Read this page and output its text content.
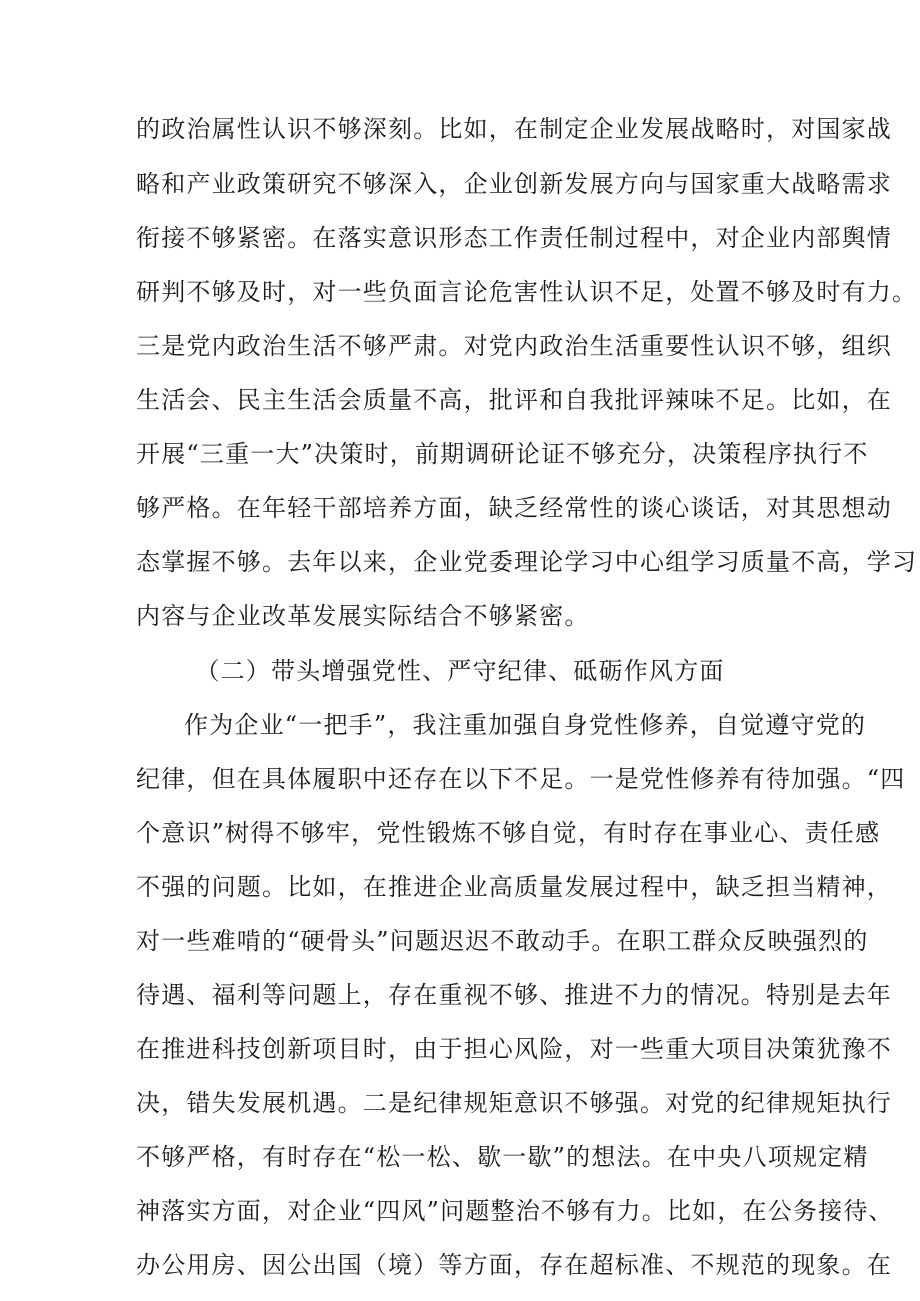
的政治属性认识不够深刻。比如，在制定企业发展战略时，对国家战
略和产业政策研究不够深入，企业创新发展方向与国家重大战略需求
衔接不够紧密。在落实意识形态工作责任制过程中，对企业内部舆情
研判不够及时，对一些负面言论危害性认识不足，处置不够及时有力。
三是党内政治生活不够严肃。对党内政治生活重要性认识不够，组织
生活会、民主生活会质量不高，批评和自我批评辣味不足。比如，在
开展“三重一大”决策时，前期调研论证不够充分，决策程序执行不
够严格。在年轻干部培养方面，缺乏经常性的谈心谈话，对其思想动
态掌握不够。去年以来，企业党委理论学习中心组学习质量不高，学习
内容与企业改革发展实际结合不够紧密。
（二）带头增强党性、严守纪律、砥砺作风方面
作为企业“一把手”，我注重加强自身党性修养，自觉遵守党的
纪律，但在具体履职中还存在以下不足。一是党性修养有待加强。“四
个意识”树得不够牢，党性锻炼不够自觉，有时存在事业心、责任感
不强的问题。比如，在推进企业高质量发展过程中，缺乏担当精神，
对一些难啃的“硬骨头”问题迟迟不敢动手。在职工群众反映强烈的
待遇、福利等问题上，存在重视不够、推进不力的情况。特别是去年
在推进科技创新项目时，由于担心风险，对一些重大项目决策犹豫不
决，错失发展机遇。二是纪律规矩意识不够强。对党的纪律规矩执行
不够严格，有时存在“松一松、歇一歇”的想法。在中央八项规定精
神落实方面，对企业“四风”问题整治不够有力。比如，在公务接待、
办公用房、因公出国（境）等方面，存在超标准、不规范的现象。在
